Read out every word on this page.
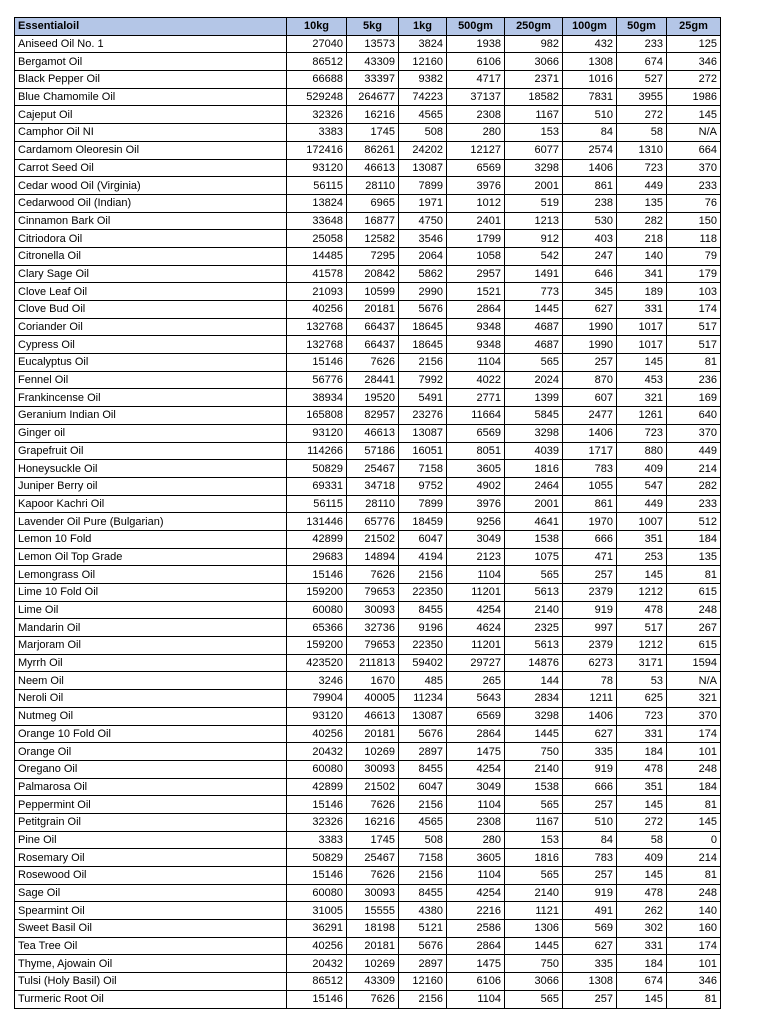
Essentialoil	10kg	5kg	1kg	500gm	250gm	100gm	50gm	25gm
Aniseed Oil No. 1	27040	13573	3824	1938	982	432	233	125
Bergamot Oil	86512	43309	12160	6106	3066	1308	674	346
Black Pepper Oil	66688	33397	9382	4717	2371	1016	527	272
Blue Chamomile Oil	529248	264677	74223	37137	18582	7831	3955	1986
Cajeput Oil	32326	16216	4565	2308	1167	510	272	145
Camphor Oil NI	3383	1745	508	280	153	84	58	N/A
Cardamom Oleoresin Oil	172416	86261	24202	12127	6077	2574	1310	664
Carrot Seed Oil	93120	46613	13087	6569	3298	1406	723	370
Cedar wood Oil (Virginia)	56115	28110	7899	3976	2001	861	449	233
Cedarwood Oil (Indian)	13824	6965	1971	1012	519	238	135	76
Cinnamon Bark Oil	33648	16877	4750	2401	1213	530	282	150
Citriodora Oil	25058	12582	3546	1799	912	403	218	118
Citronella Oil	14485	7295	2064	1058	542	247	140	79
Clary Sage Oil	41578	20842	5862	2957	1491	646	341	179
Clove Leaf Oil	21093	10599	2990	1521	773	345	189	103
Clove Bud Oil	40256	20181	5676	2864	1445	627	331	174
Coriander Oil	132768	66437	18645	9348	4687	1990	1017	517
Cypress Oil	132768	66437	18645	9348	4687	1990	1017	517
Eucalyptus Oil	15146	7626	2156	1104	565	257	145	81
Fennel Oil	56776	28441	7992	4022	2024	870	453	236
Frankincense Oil	38934	19520	5491	2771	1399	607	321	169
Geranium Indian Oil	165808	82957	23276	11664	5845	2477	1261	640
Ginger oil	93120	46613	13087	6569	3298	1406	723	370
Grapefruit Oil	114266	57186	16051	8051	4039	1717	880	449
Honeysuckle Oil	50829	25467	7158	3605	1816	783	409	214
Juniper Berry oil	69331	34718	9752	4902	2464	1055	547	282
Kapoor Kachri Oil	56115	28110	7899	3976	2001	861	449	233
Lavender Oil Pure (Bulgarian)	131446	65776	18459	9256	4641	1970	1007	512
Lemon 10 Fold	42899	21502	6047	3049	1538	666	351	184
Lemon Oil Top Grade	29683	14894	4194	2123	1075	471	253	135
Lemongrass Oil	15146	7626	2156	1104	565	257	145	81
Lime 10 Fold Oil	159200	79653	22350	11201	5613	2379	1212	615
Lime Oil	60080	30093	8455	4254	2140	919	478	248
Mandarin Oil	65366	32736	9196	4624	2325	997	517	267
Marjoram Oil	159200	79653	22350	11201	5613	2379	1212	615
Myrrh Oil	423520	211813	59402	29727	14876	6273	3171	1594
Neem Oil	3246	1670	485	265	144	78	53	N/A
Neroli Oil	79904	40005	11234	5643	2834	1211	625	321
Nutmeg Oil	93120	46613	13087	6569	3298	1406	723	370
Orange 10 Fold Oil	40256	20181	5676	2864	1445	627	331	174
Orange Oil	20432	10269	2897	1475	750	335	184	101
Oregano Oil	60080	30093	8455	4254	2140	919	478	248
Palmarosa Oil	42899	21502	6047	3049	1538	666	351	184
Peppermint Oil	15146	7626	2156	1104	565	257	145	81
Petitgrain Oil	32326	16216	4565	2308	1167	510	272	145
Pine Oil	3383	1745	508	280	153	84	58	0
Rosemary Oil	50829	25467	7158	3605	1816	783	409	214
Rosewood Oil	15146	7626	2156	1104	565	257	145	81
Sage Oil	60080	30093	8455	4254	2140	919	478	248
Spearmint Oil	31005	15555	4380	2216	1121	491	262	140
Sweet Basil Oil	36291	18198	5121	2586	1306	569	302	160
Tea Tree Oil	40256	20181	5676	2864	1445	627	331	174
Thyme, Ajowain Oil	20432	10269	2897	1475	750	335	184	101
Tulsi (Holy Basil) Oil	86512	43309	12160	6106	3066	1308	674	346
Turmeric Root Oil	15146	7626	2156	1104	565	257	145	81
